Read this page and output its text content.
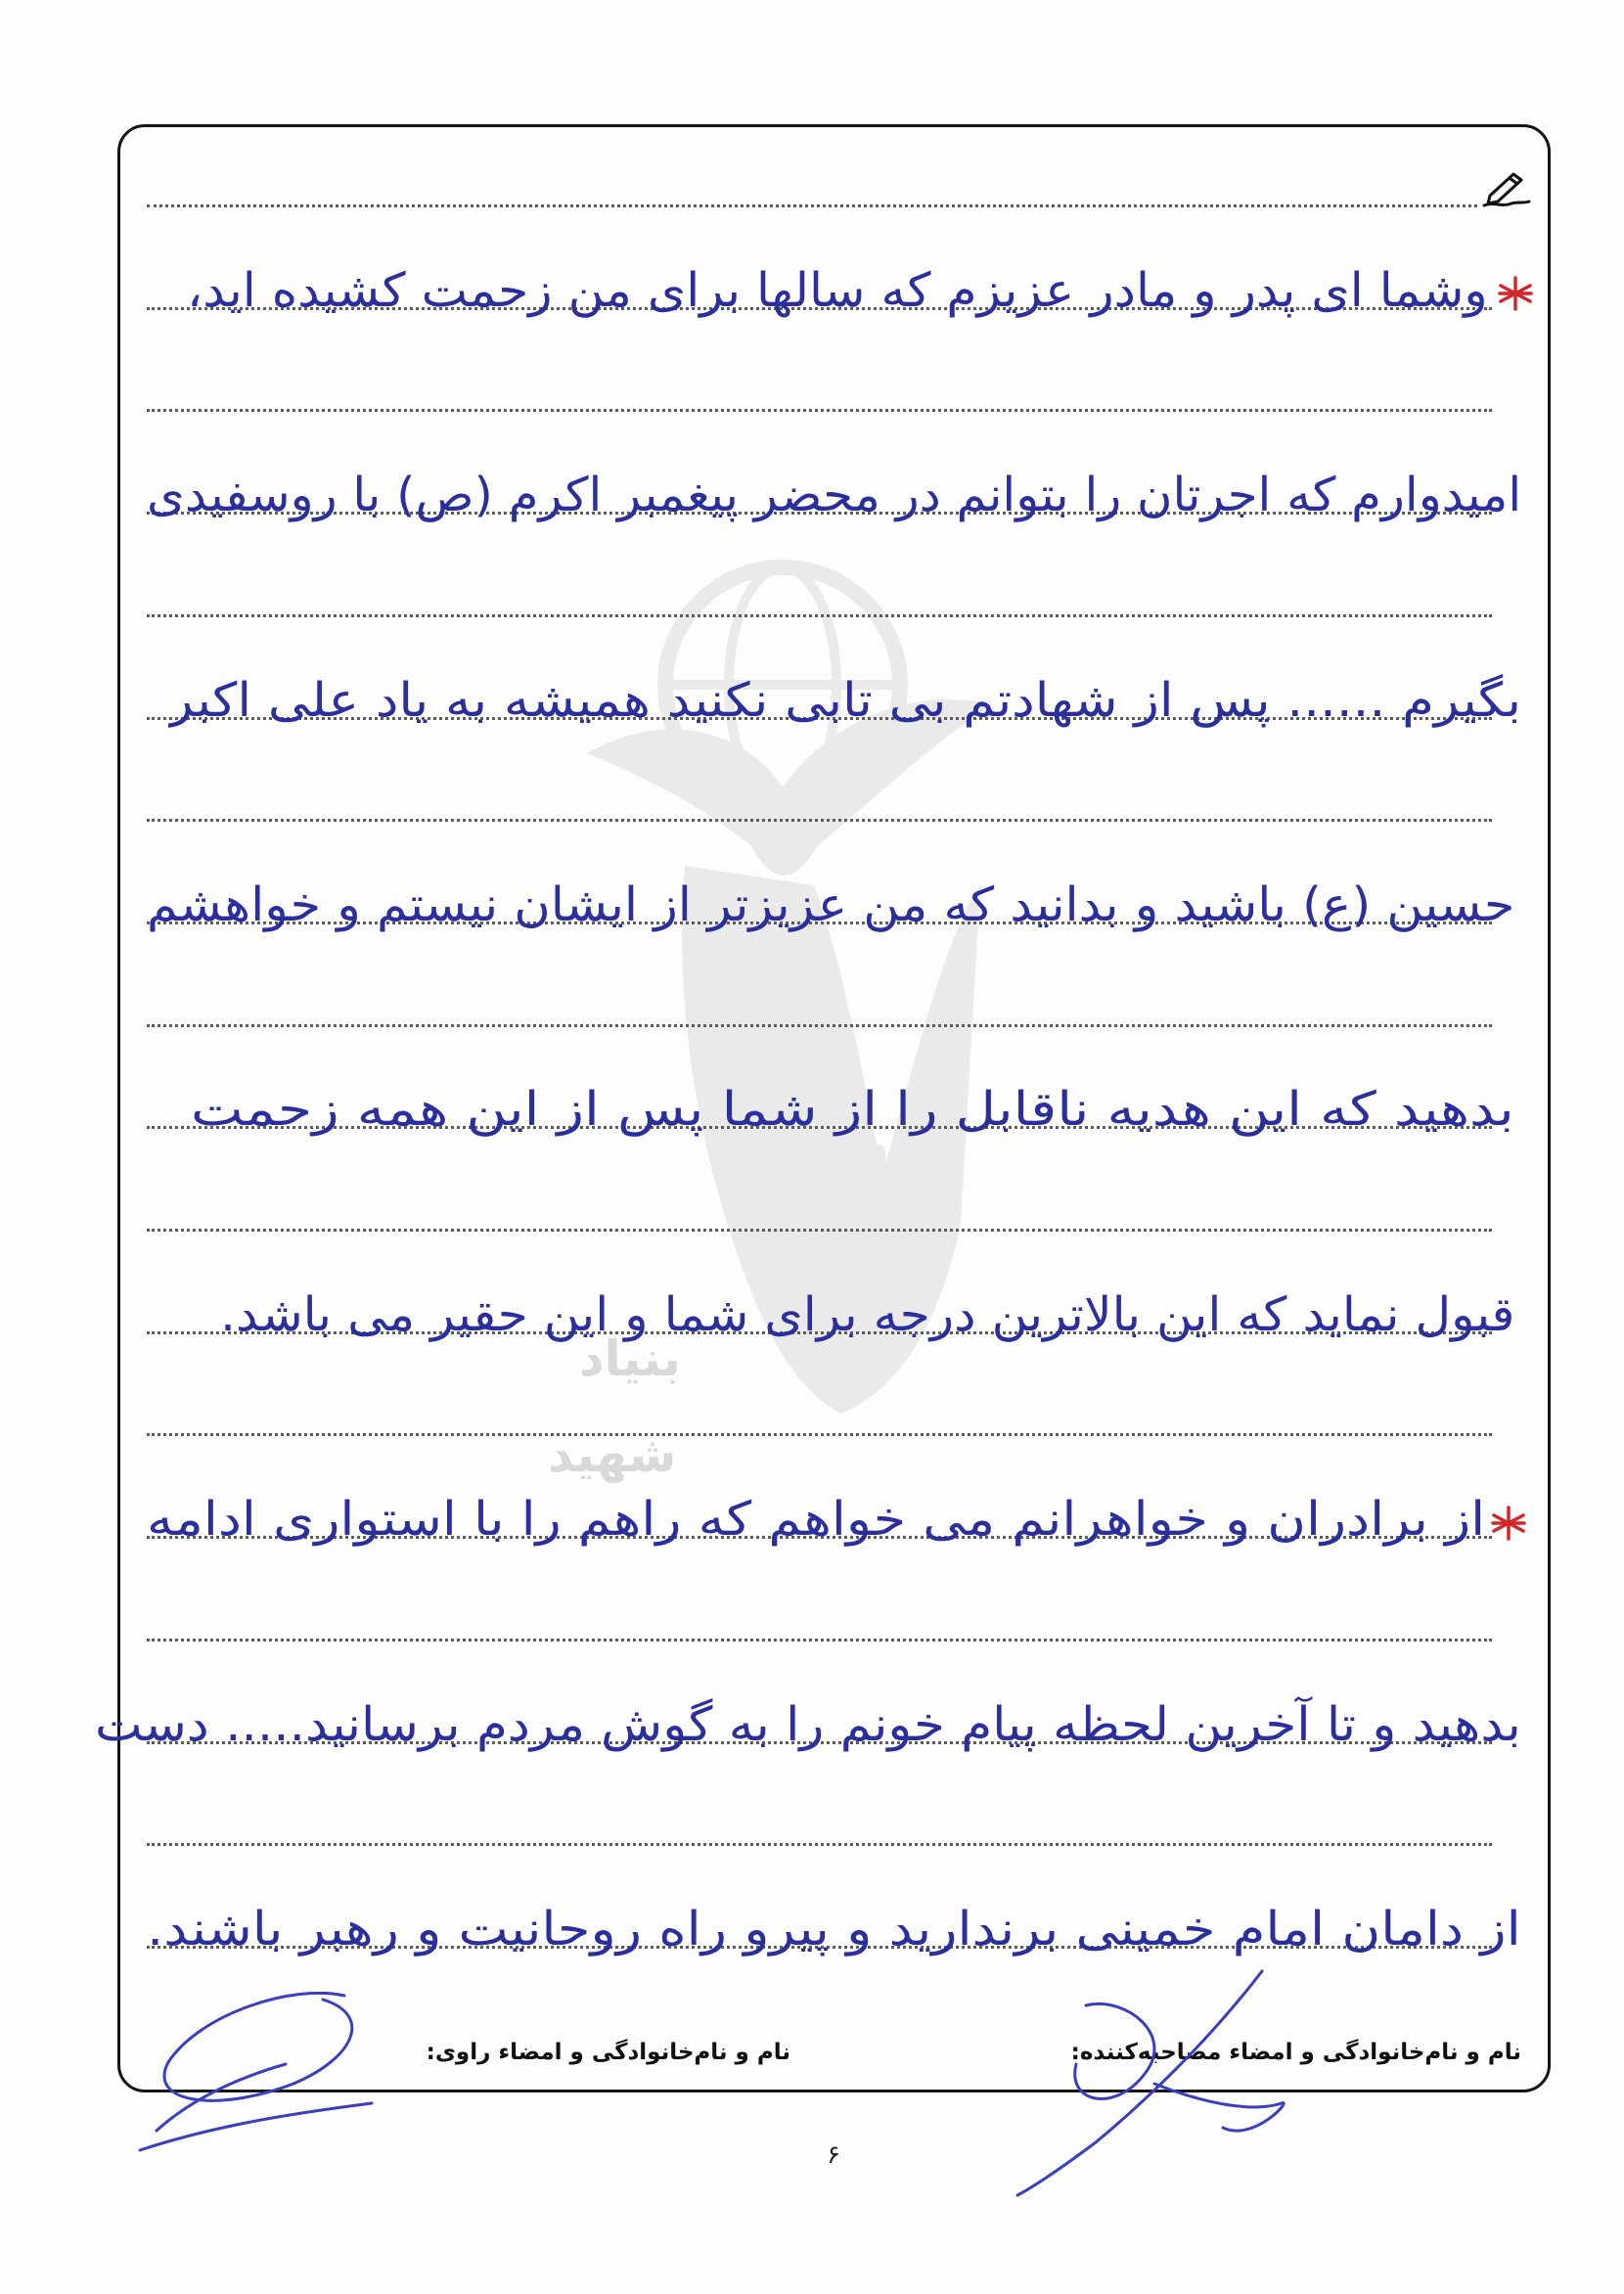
بنیاد
شهید
وشما ای پدر و مادر عزیزم که سالها برای من زحمت کشیده اید،
امیدوارم که اجرتان را بتوانم در محضر پیغمبر اکرم (ص) با روسفیدی
بگیرم ...... پس از شهادتم بی تابی نکنید همیشه به یاد علی اکبر
حسین (ع) باشید و بدانید که من عزیزتر از ایشان نیستم و خواهشم
بدهید که این هدیه ناقابل را از شما پس از این همه زحمت
قبول نماید که این بالاترین درجه برای شما و این حقیر می باشد.
از برادران و خواهرانم می خواهم که راهم را با استواری ادامه
بدهید و تا آخرین لحظه پیام خونم را به گوش مردم برسانید..... دست
از دامان امام خمینی برندارید و پیرو راه روحانیت و رهبر باشند.
نام و نام‌خانوادگی و امضاء مصاحبه‌کننده:
نام و نام‌خانوادگی و امضاء راوی:
۶
